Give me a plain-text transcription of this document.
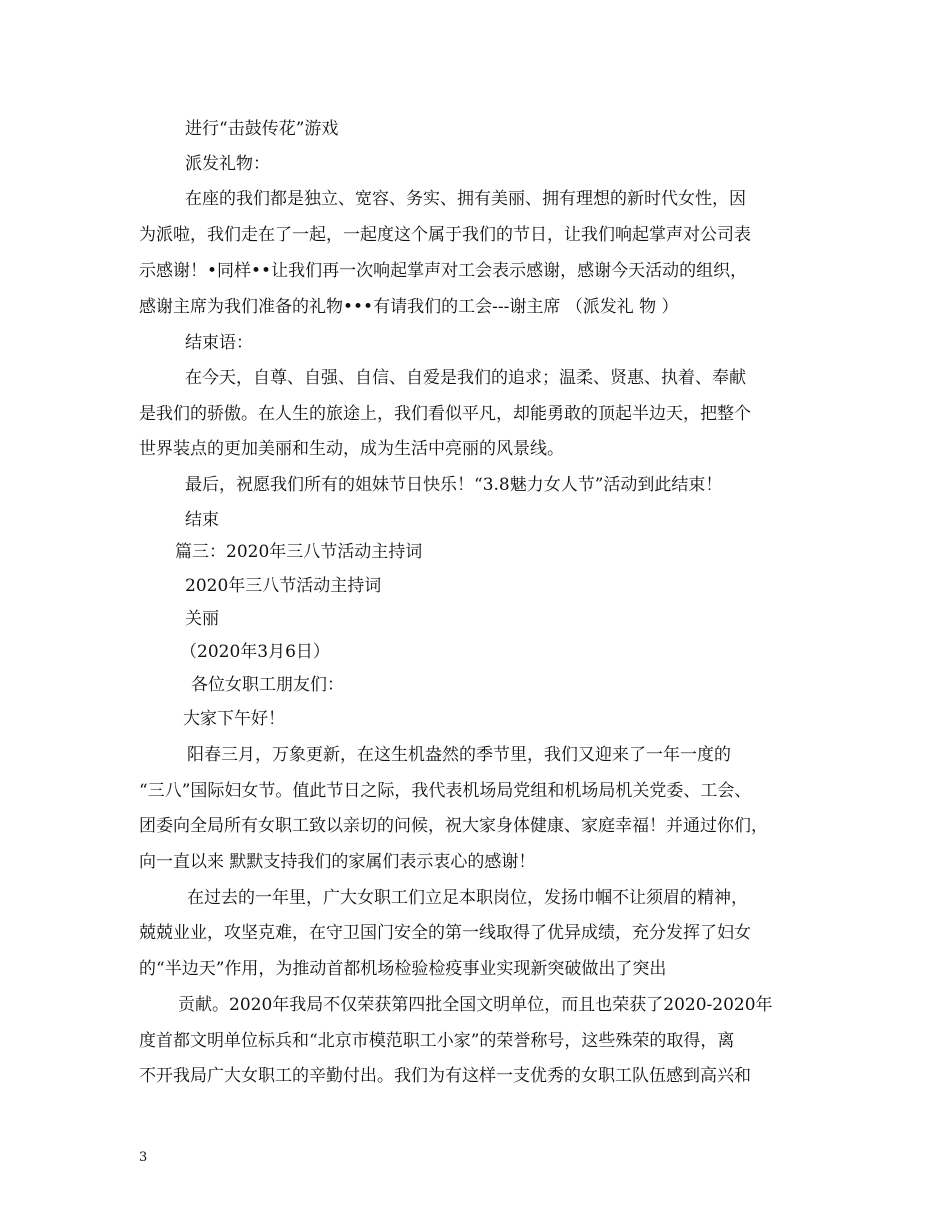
进行“击鼓传花”游戏
派发礼物：
在座的我们都是独立、宽容、务实、拥有美丽、拥有理想的新时代女性，因
为派啦，我们走在了一起，一起度这个属于我们的节日，让我们响起掌声对公司表
示感谢！•同样••让我们再一次响起掌声对工会表示感谢，感谢今天活动的组织，
感谢主席为我们准备的礼物•••有请我们的工会---谢主席 （派发礼 物 ）
结束语：
在今天，自尊、自强、自信、自爱是我们的追求；温柔、贤惠、执着、奉献
是我们的骄傲。在人生的旅途上，我们看似平凡，却能勇敢的顶起半边天，把整个
世界装点的更加美丽和生动，成为生活中亮丽的风景线。
最后，祝愿我们所有的姐妹节日快乐！“3.8魅力女人节”活动到此结束！
结束
篇三：2020年三八节活动主持词
2020年三八节活动主持词
关丽
（2020年3月6日）
各位女职工朋友们：
大家下午好！
阳春三月，万象更新，在这生机盎然的季节里，我们又迎来了一年一度的
“三八”国际妇女节。值此节日之际，我代表机场局党组和机场局机关党委、工会、
团委向全局所有女职工致以亲切的问候，祝大家身体健康、家庭幸福！并通过你们，
向一直以来 默默支持我们的家属们表示衷心的感谢！
在过去的一年里，广大女职工们立足本职岗位，发扬巾帼不让须眉的精神，
兢兢业业，攻坚克难，在守卫国门安全的第一线取得了优异成绩，充分发挥了妇女
的“半边天”作用，为推动首都机场检验检疫事业实现新突破做出了突出
贡献。2020年我局不仅荣获第四批全国文明单位，而且也荣获了2020-2020年
度首都文明单位标兵和“北京市模范职工小家”的荣誉称号，这些殊荣的取得，离
不开我局广大女职工的辛勤付出。我们为有这样一支优秀的女职工队伍感到高兴和
3
